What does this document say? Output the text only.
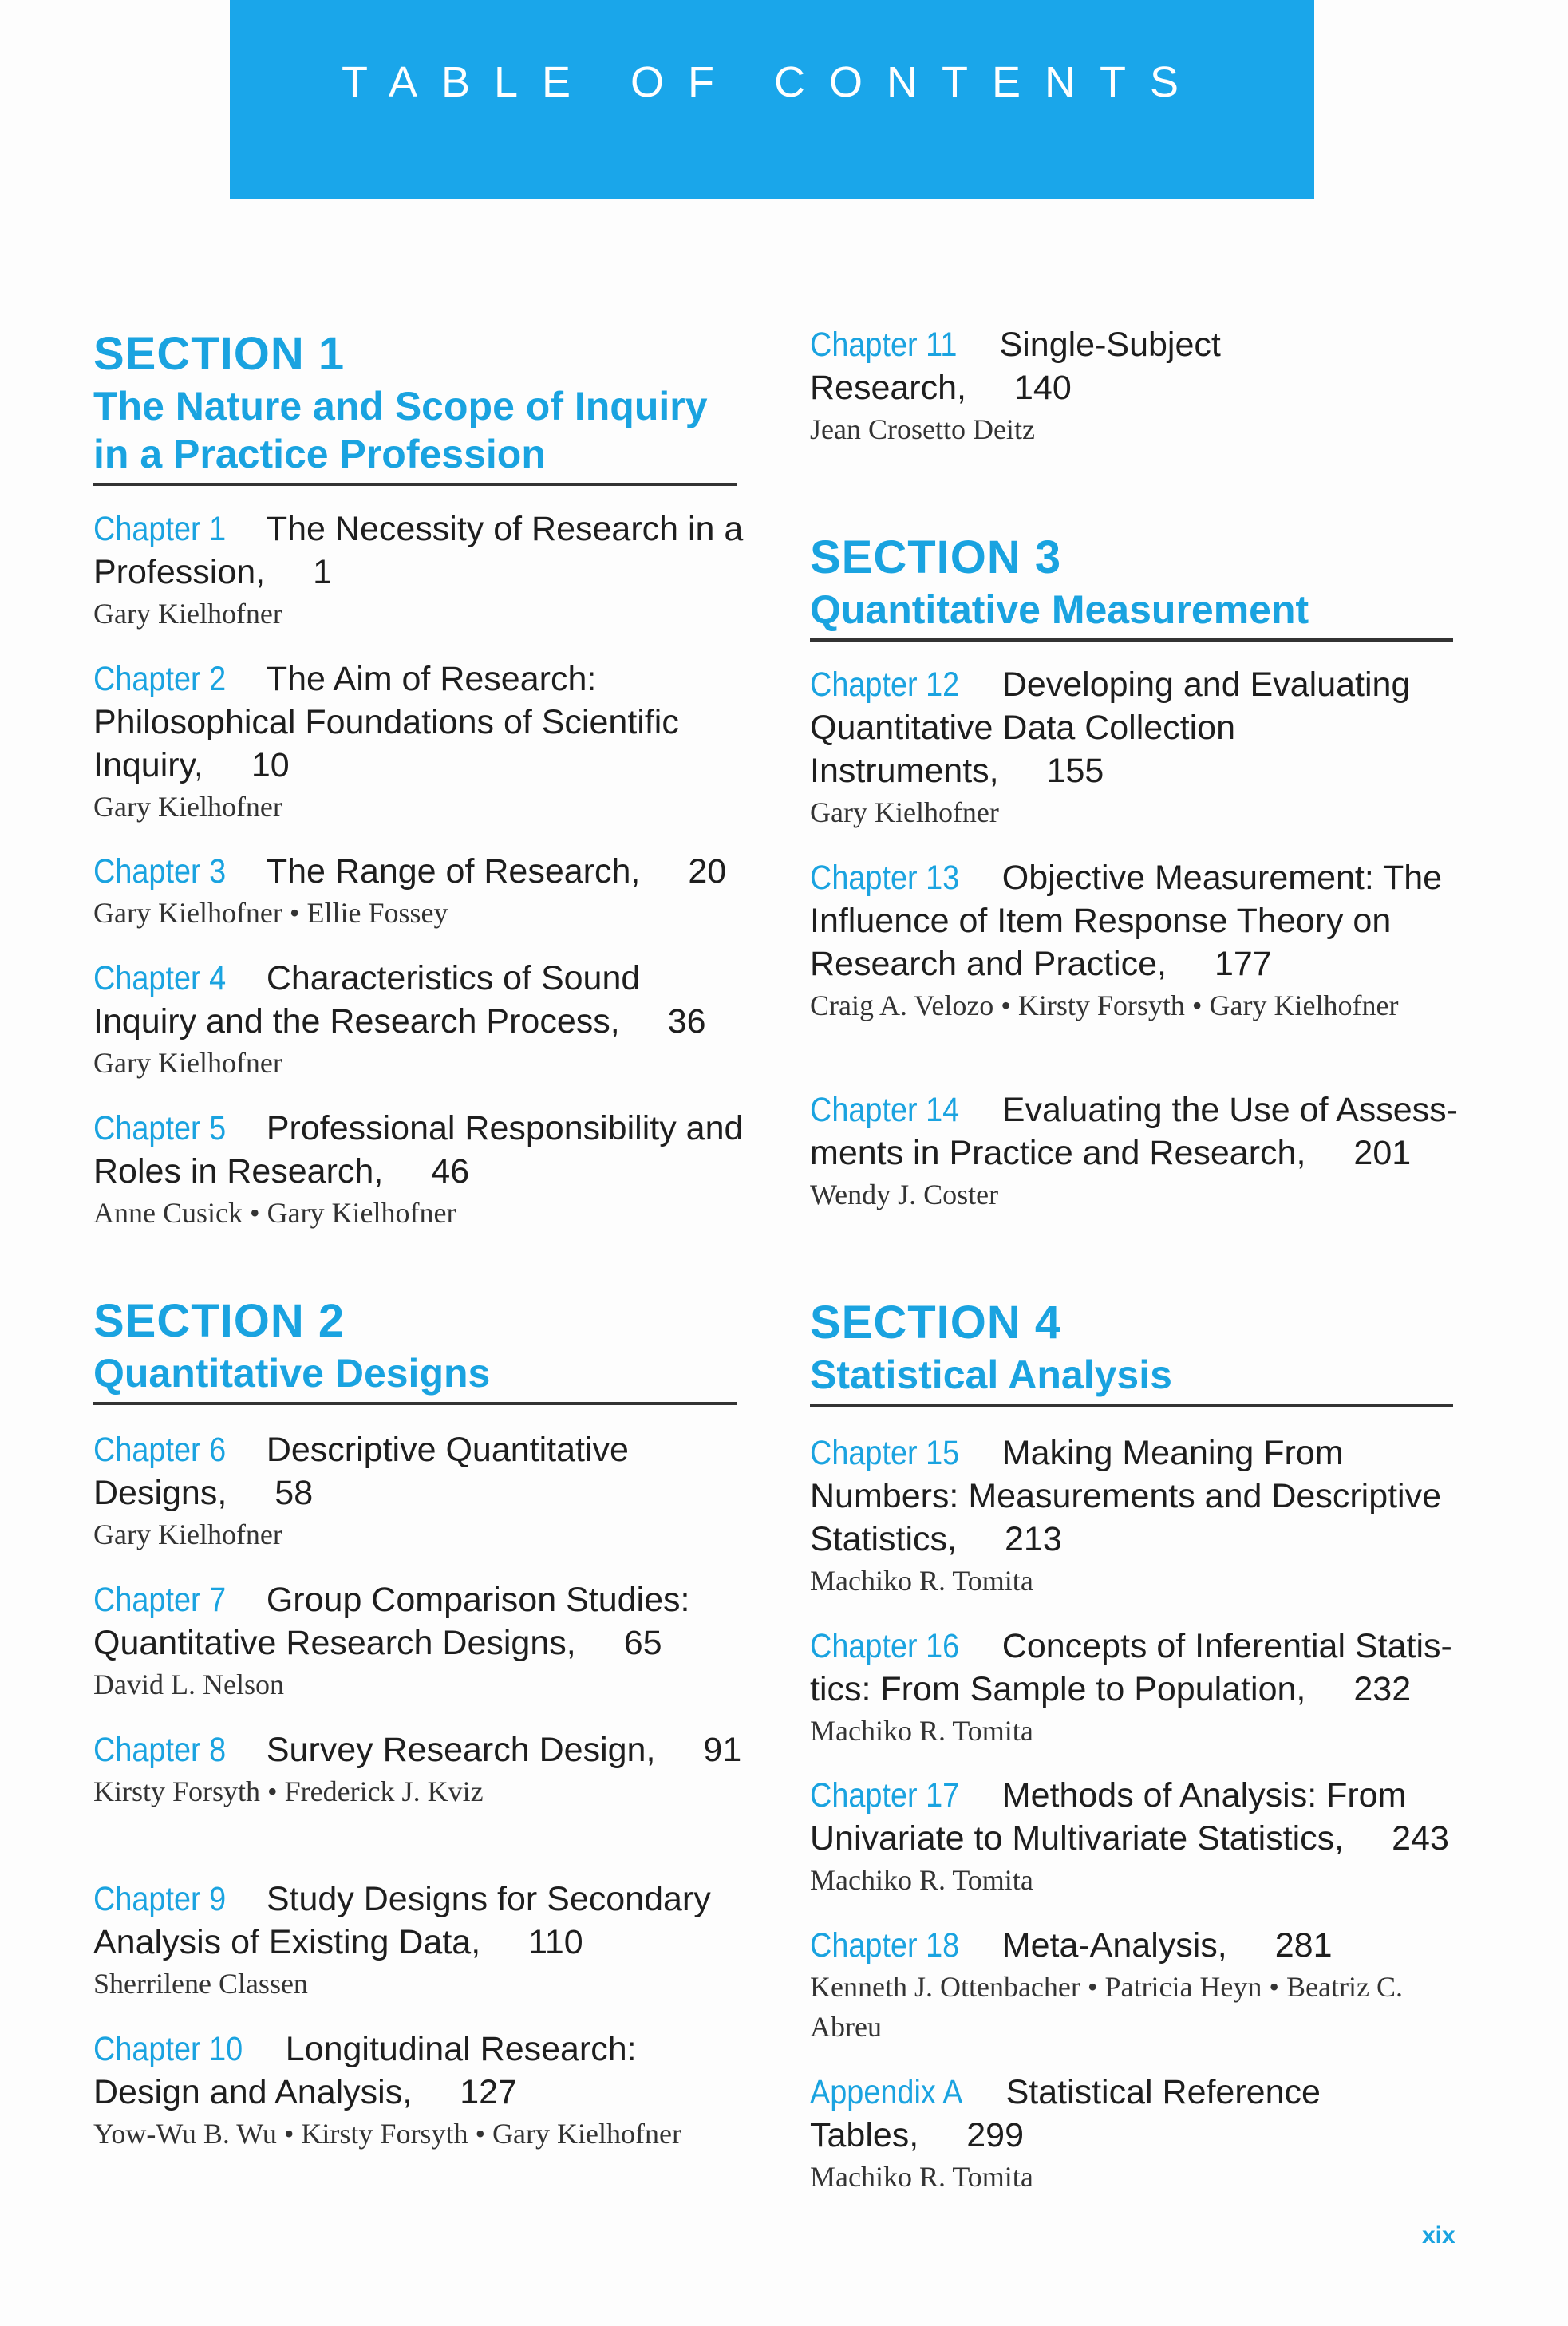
TABLE OF CONTENTS
SECTION 1
The Nature and Scope of Inquiry in a Practice Profession
SECTION 2
Quantitative Designs
SECTION 3
Quantitative Measurement
SECTION 4
Statistical Analysis
Chapter 1 The Necessity of Research in a Profession, 1
Gary Kielhofner
Chapter 2 The Aim of Research: Philosophical Foundations of Scientific Inquiry, 10
Gary Kielhofner
Chapter 3 The Range of Research, 20
Gary Kielhofner • Ellie Fossey
Chapter 4 Characteristics of Sound Inquiry and the Research Process, 36
Gary Kielhofner
Chapter 5 Professional Responsibility and Roles in Research, 46
Anne Cusick • Gary Kielhofner
Chapter 6 Descriptive Quantitative Designs, 58
Gary Kielhofner
Chapter 7 Group Comparison Studies: Quantitative Research Designs, 65
David L. Nelson
Chapter 8 Survey Research Design, 91
Kirsty Forsyth • Frederick J. Kviz
Chapter 9 Study Designs for Secondary Analysis of Existing Data, 110
Sherrilene Classen
Chapter 10 Longitudinal Research: Design and Analysis, 127
Yow-Wu B. Wu • Kirsty Forsyth • Gary Kielhofner
Chapter 11 Single-Subject Research, 140
Jean Crosetto Deitz
Chapter 12 Developing and Evaluating Quantitative Data Collection Instruments, 155
Gary Kielhofner
Chapter 13 Objective Measurement: The Influence of Item Response Theory on Research and Practice, 177
Craig A. Velozo • Kirsty Forsyth • Gary Kielhofner
Chapter 14 Evaluating the Use of Assess-ments in Practice and Research, 201
Wendy J. Coster
Chapter 15 Making Meaning From Numbers: Measurements and Descriptive Statistics, 213
Machiko R. Tomita
Chapter 16 Concepts of Inferential Statis-tics: From Sample to Population, 232
Machiko R. Tomita
Chapter 17 Methods of Analysis: From Univariate to Multivariate Statistics, 243
Machiko R. Tomita
Chapter 18 Meta-Analysis, 281
Kenneth J. Ottenbacher • Patricia Heyn • Beatriz C. Abreu
Appendix A Statistical Reference Tables, 299
Machiko R. Tomita
xix
